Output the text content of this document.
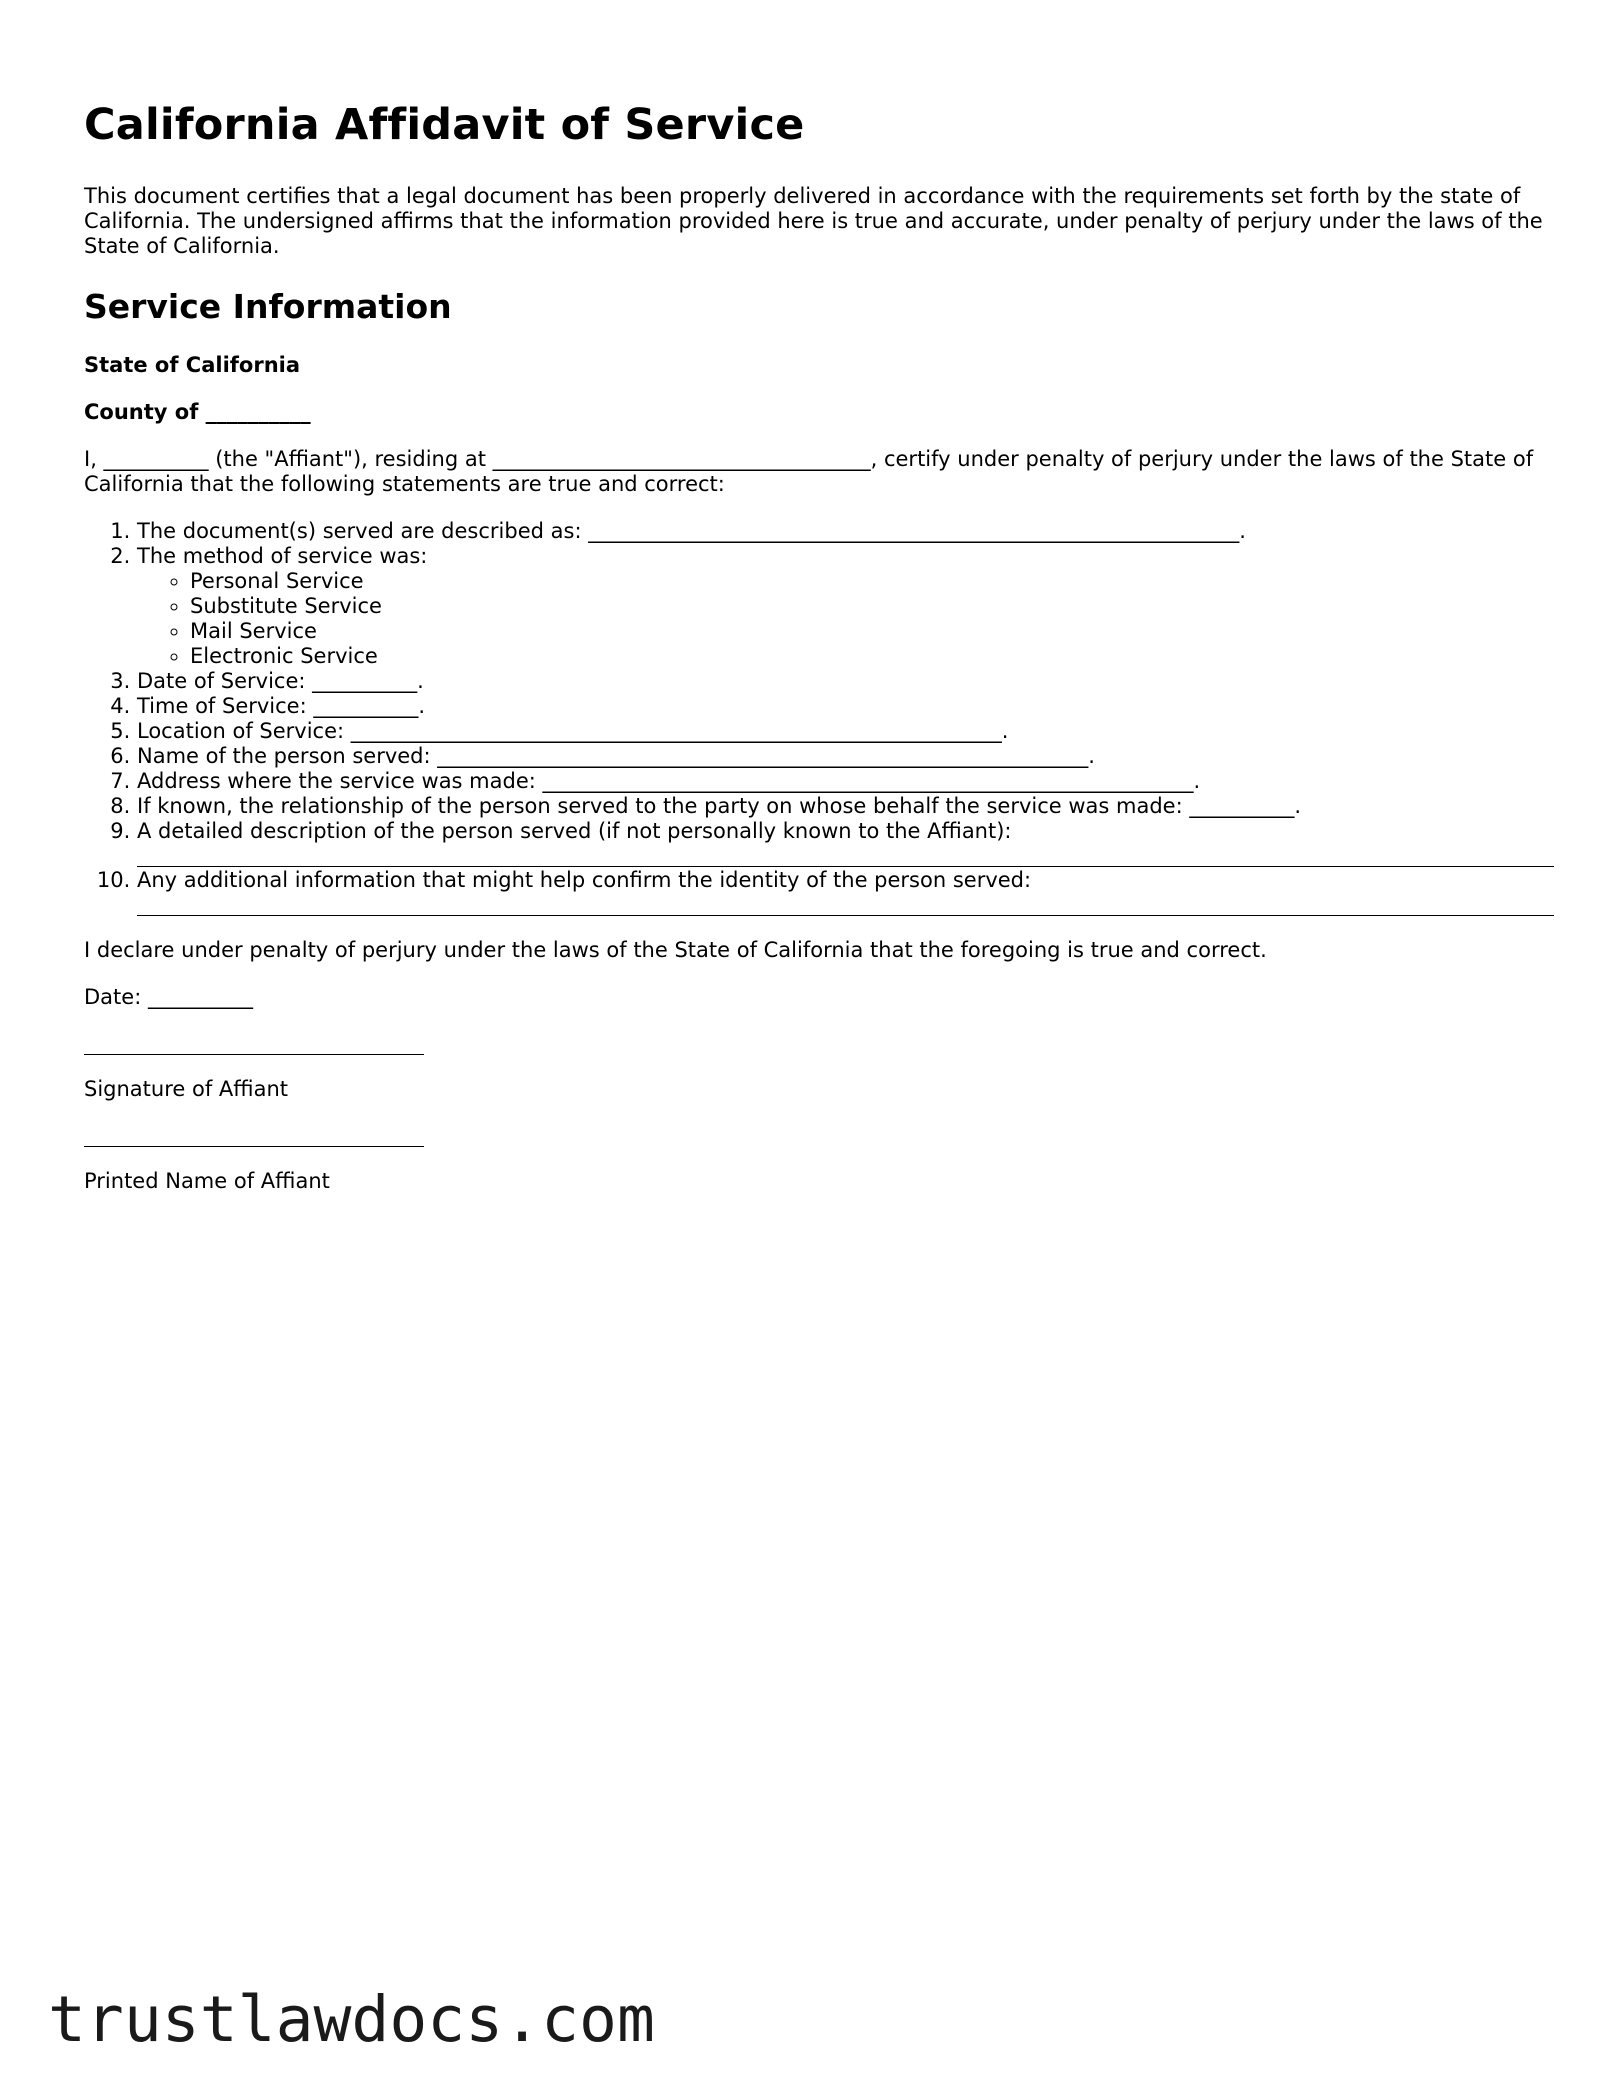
California Affidavit of Service

This document certifies that a legal document has been properly delivered in accordance with the requirements set forth by the state of California. The undersigned affirms that the information provided here is true and accurate, under penalty of perjury under the laws of the State of California.

Service Information

State of California

County of __________

I, __________ (the "Affiant"), residing at ____________________________________, certify under penalty of perjury under the laws of the State of California that the following statements are true and correct:

1. The document(s) served are described as: ______________________________________________________________.
2. The method of service was:
◦ Personal Service
◦ Substitute Service
◦ Mail Service
◦ Electronic Service
3. Date of Service: __________.
4. Time of Service: __________.
5. Location of Service: ______________________________________________________________.
6. Name of the person served: ______________________________________________________________.
7. Address where the service was made: ______________________________________________________________.
8. If known, the relationship of the person served to the party on whose behalf the service was made: __________.
9. A detailed description of the person served (if not personally known to the Affiant):
10. Any additional information that might help confirm the identity of the person served:

I declare under penalty of perjury under the laws of the State of California that the foregoing is true and correct.

Date: __________

Signature of Affiant

Printed Name of Affiant

trustlawdocs.com
